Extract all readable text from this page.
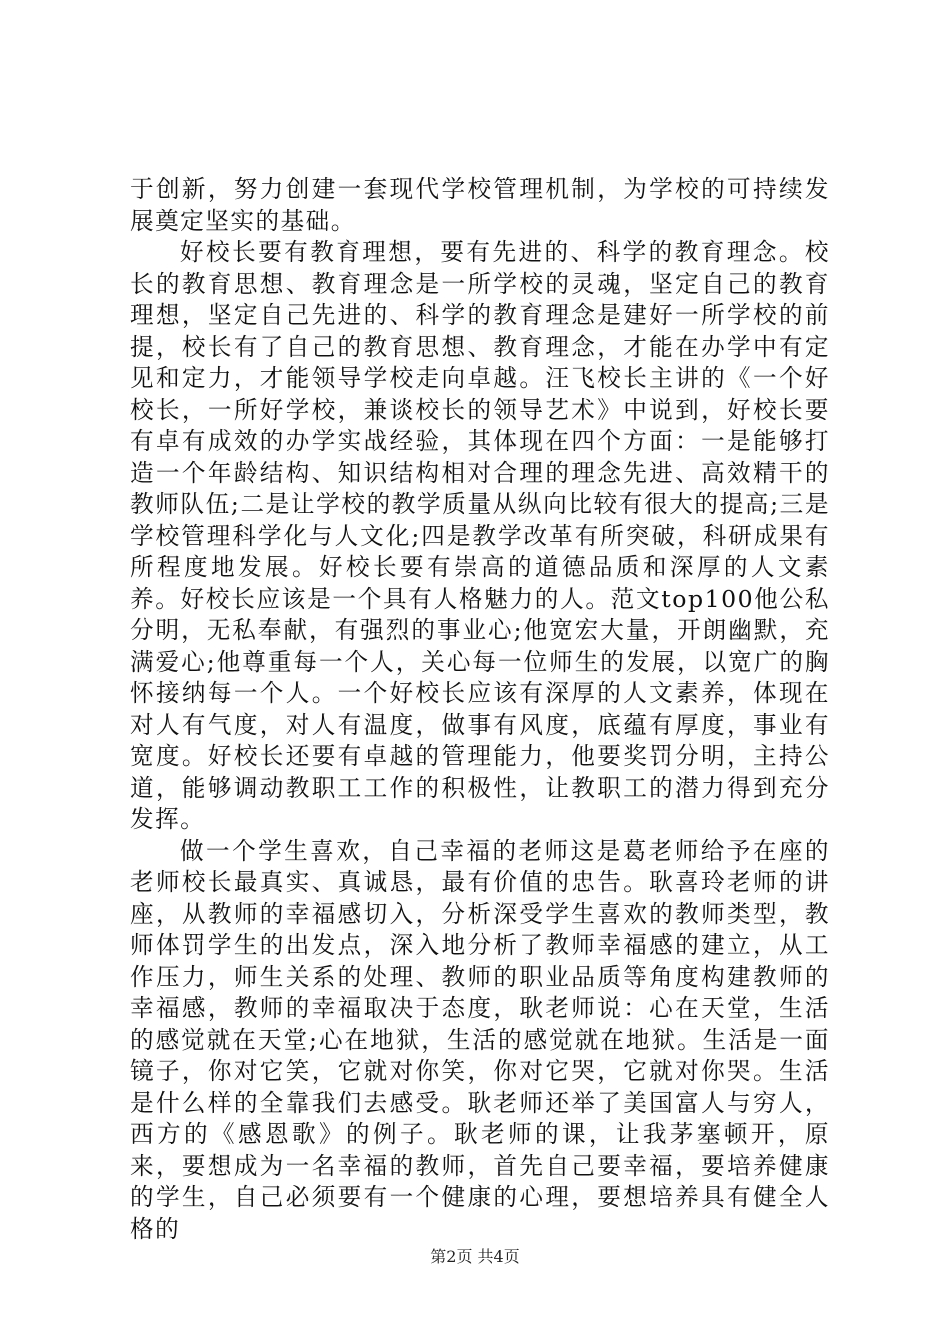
于创新，努力创建一套现代学校管理机制，为学校的可持续发展奠定坚实的基础。

好校长要有教育理想，要有先进的、科学的教育理念。校长的教育思想、教育理念是一所学校的灵魂，坚定自己的教育理想，坚定自己先进的、科学的教育理念是建好一所学校的前提，校长有了自己的教育思想、教育理念，才能在办学中有定见和定力，才能领导学校走向卓越。汪飞校长主讲的《一个好校长，一所好学校，兼谈校长的领导艺术》中说到，好校长要有卓有成效的办学实战经验，其体现在四个方面：一是能够打造一个年龄结构、知识结构相对合理的理念先进、高效精干的教师队伍;二是让学校的教学质量从纵向比较有很大的提高;三是学校管理科学化与人文化;四是教学改革有所突破，科研成果有所程度地发展。好校长要有崇高的道德品质和深厚的人文素养。好校长应该是一个具有人格魅力的人。范文top100他公私分明，无私奉献，有强烈的事业心;他宽宏大量，开朗幽默，充满爱心;他尊重每一个人，关心每一位师生的发展，以宽广的胸怀接纳每一个人。一个好校长应该有深厚的人文素养，体现在对人有气度，对人有温度，做事有风度，底蕴有厚度，事业有宽度。好校长还要有卓越的管理能力，他要奖罚分明，主持公道，能够调动教职工工作的积极性，让教职工的潜力得到充分发挥。

做一个学生喜欢，自己幸福的老师这是葛老师给予在座的老师校长最真实、真诚恳，最有价值的忠告。耿喜玲老师的讲座，从教师的幸福感切入，分析深受学生喜欢的教师类型，教师体罚学生的出发点，深入地分析了教师幸福感的建立，从工作压力，师生关系的处理、教师的职业品质等角度构建教师的幸福感，教师的幸福取决于态度，耿老师说：心在天堂，生活的感觉就在天堂;心在地狱，生活的感觉就在地狱。生活是一面镜子，你对它笑，它就对你笑，你对它哭，它就对你哭。生活是什么样的全靠我们去感受。耿老师还举了美国富人与穷人，西方的《感恩歌》的例子。耿老师的课，让我茅塞顿开，原来，要想成为一名幸福的教师，首先自己要幸福，要培养健康的学生，自己必须要有一个健康的心理，要想培养具有健全人格的

第2页 共4页
